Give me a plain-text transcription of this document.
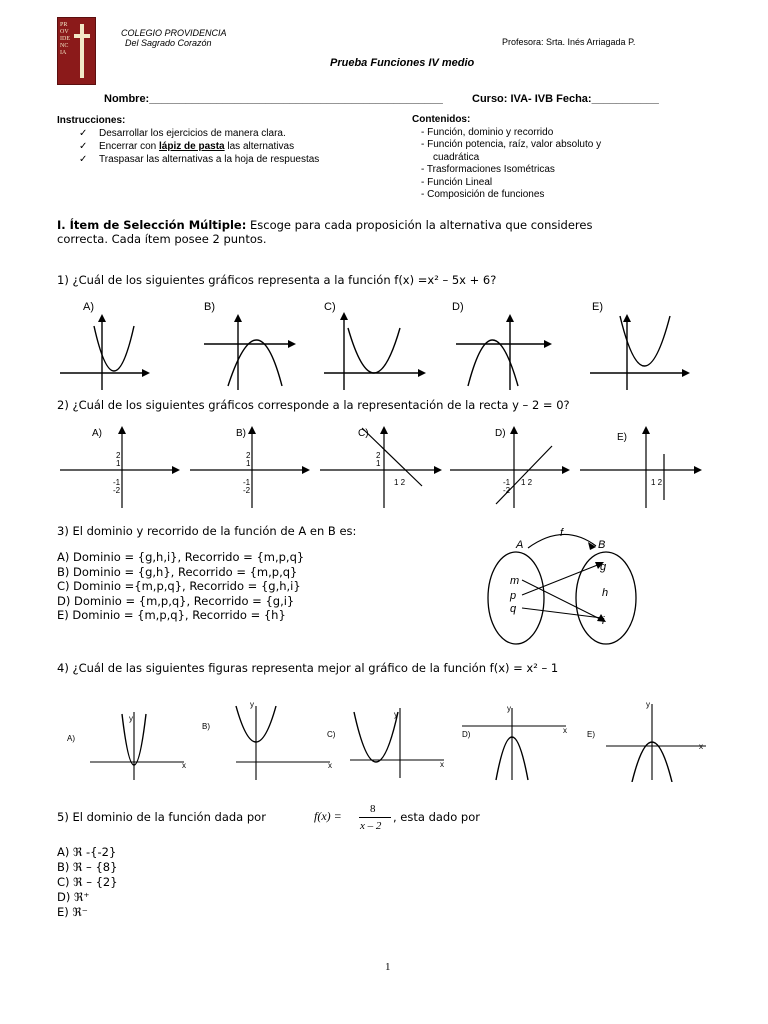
PROVIDENCIA
COLEGIO PROVIDENCIA
Del Sagrado Corazón	Profesora: Srta. Inés Arriagada P.
Prueba Funciones IV medio
Nombre:________________________________________________	Curso: IVA- IVB Fecha:___________
Instrucciones:
✓ Desarrollar los ejercicios de manera clara.
✓ Encerrar con lápiz de pasta las alternativas
✓ Traspasar las alternativas a la hoja de respuestas
Contenidos:
- Función, dominio y recorrido
- Función potencia, raíz, valor absoluto y
cuadrática
- Trasformaciones Isométricas
- Función Lineal
- Composición de funciones
I. Ítem de Selección Múltiple: Escoge para cada proposición la alternativa que consideres
correcta. Cada ítem posee 2 puntos.
1) ¿Cuál de los siguientes gráficos representa a la función f(x) =x² – 5x + 6?
A)	B)	C)	D)	E)
2) ¿Cuál de los siguientes gráficos corresponde a la representación de la recta y – 2 = 0?
A)	B)	C)	D)	E)
2
1
-1
-2
2
1
-1
-2
2
1
1 2	-1
-2
1 2	1 2
3) El dominio y recorrido de la función de A en B es:
A) Dominio = {g,h,i}, Recorrido = {m,p,q}
B) Dominio = {g,h}, Recorrido = {m,p,q}
C) Dominio ={m,p,q}, Recorrido = {g,h,i}
D) Dominio = {m,p,q}, Recorrido = {g,i}
E) Dominio = {m,p,q}, Recorrido = {h}
A	B
f
m
p
q
g
h
i
4) ¿Cuál de las siguientes figuras representa mejor al gráfico de la función f(x) = x² – 1
A)
B)
C)	D)	E)
y
x
y
x
y
x
y
x
y
x
5) El dominio de la función dada por	f(x) =	8
x – 2
, esta dado por
A) ℜ -{-2}
B) ℜ – {8}
C) ℜ – {2}
D) ℜ⁺
E) ℜ⁻
1
